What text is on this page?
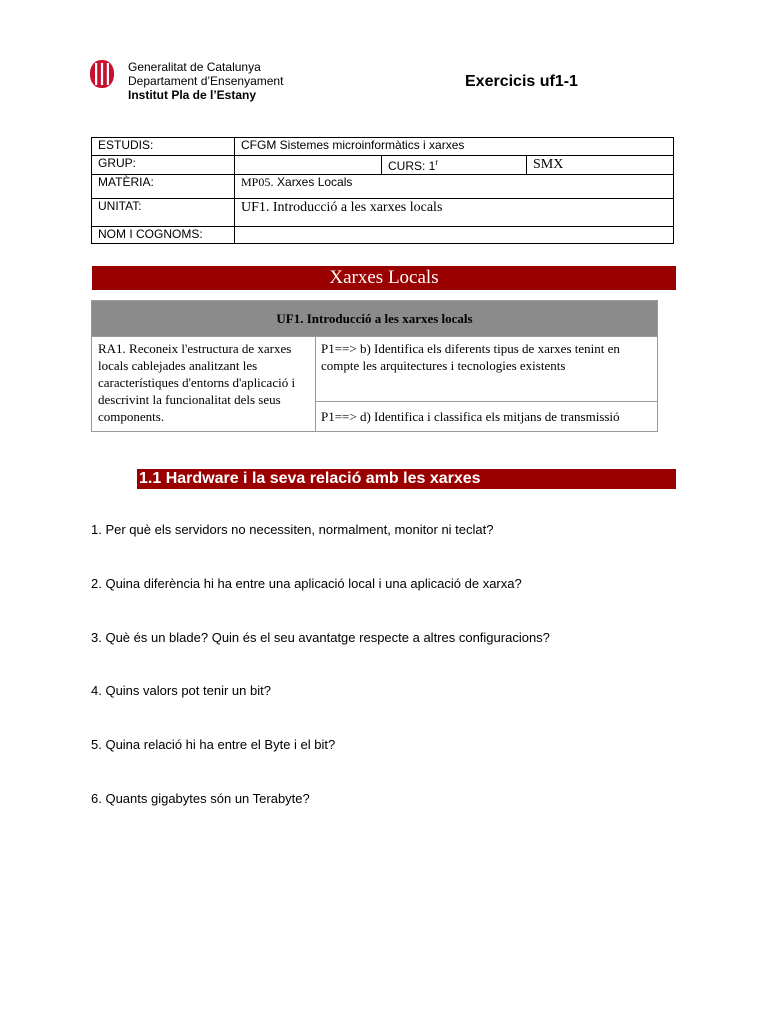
Generalitat de Catalunya
Departament d’Ensenyament
Institut Pla de l’Estany
Exercicis uf1-1
ESTUDIS:	CFGM Sistemes microinformàtics i xarxes		
GRUP:		CURS: 1$^r$	SMX
MATÈRIA:	MP05. Xarxes Locals		
UNITAT:	UF1. Introducció a les xarxes locals		
NOM I COGNOMS:			
Xarxes Locals
UF1. Introducció a les xarxes locals
RA1. Reconeix l'estructura de xarxes locals cablejades analitzant les característiques d'entorns d'aplicació i descrivint la funcionalitat dels seus components.	P1==> b) Identifica els diferents tipus de xarxes tenint en compte les arquitectures i tecnologies existents
P1==> d) Identifica i classifica els mitjans de transmissió
1.1 Hardware i la seva relació amb les xarxes
1. Per què els servidors no necessiten, normalment, monitor ni teclat?
2. Quina diferència hi ha entre una aplicació local i una aplicació de xarxa?
3. Què és un blade? Quin és el seu avantatge respecte a altres configuracions?
4. Quins valors pot tenir un bit?
5. Quina relació hi ha entre el Byte i el bit?
6. Quants gigabytes són un Terabyte?
